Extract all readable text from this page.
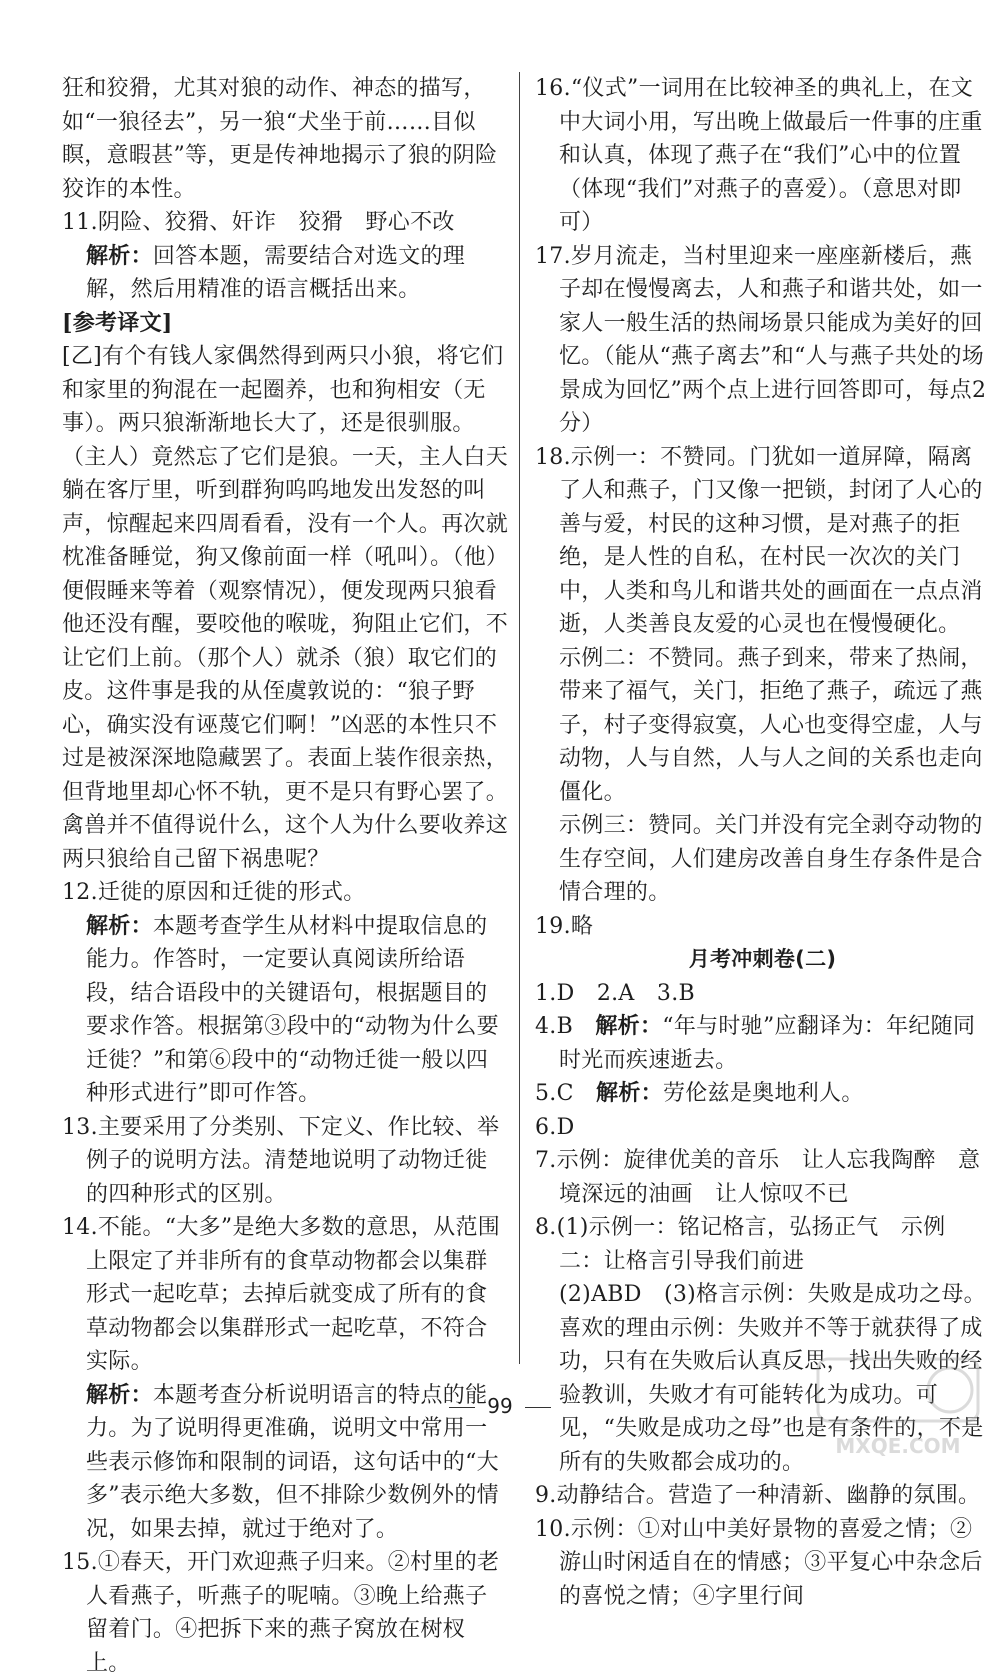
狂和狡猾，尤其对狼的动作、神态的描写，如“一狼径去”，另一狼“犬坐于前……目似瞑，意暇甚”等，更是传神地揭示了狼的阴险狡诈的本性。

11.阴险、狡猾、奸诈　狡猾　野心不改

解析：回答本题，需要结合对选文的理解，然后用精准的语言概括出来。

[参考译文]

[乙]有个有钱人家偶然得到两只小狼，将它们和家里的狗混在一起圈养，也和狗相安（无事）。两只狼渐渐地长大了，还是很驯服。（主人）竟然忘了它们是狼。一天，主人白天躺在客厅里，听到群狗呜呜地发出发怒的叫声，惊醒起来四周看看，没有一个人。再次就枕准备睡觉，狗又像前面一样（吼叫）。（他）便假睡来等着（观察情况），便发现两只狼看他还没有醒，要咬他的喉咙，狗阻止它们，不让它们上前。（那个人）就杀（狼）取它们的皮。这件事是我的从侄虞敦说的：“狼子野心，确实没有诬蔑它们啊！”凶恶的本性只不过是被深深地隐藏罢了。表面上装作很亲热，但背地里却心怀不轨，更不是只有野心罢了。禽兽并不值得说什么，这个人为什么要收养这两只狼给自己留下祸患呢？

12.迁徙的原因和迁徙的形式。

解析：本题考查学生从材料中提取信息的能力。作答时，一定要认真阅读所给语段，结合语段中的关键语句，根据题目的要求作答。根据第③段中的“动物为什么要迁徙？”和第⑥段中的“动物迁徙一般以四种形式进行”即可作答。

13.主要采用了分类别、下定义、作比较、举例子的说明方法。清楚地说明了动物迁徙的四种形式的区别。

14.不能。“大多”是绝大多数的意思，从范围上限定了并非所有的食草动物都会以集群形式一起吃草；去掉后就变成了所有的食草动物都会以集群形式一起吃草，不符合实际。

解析：本题考查分析说明语言的特点的能力。为了说明得更准确，说明文中常用一些表示修饰和限制的词语，这句话中的“大多”表示绝大多数，但不排除少数例外的情况，如果去掉，就过于绝对了。

15.①春天，开门欢迎燕子归来。②村里的老人看燕子，听燕子的呢喃。③晚上给燕子留着门。④把拆下来的燕子窝放在树杈上。

16.“仪式”一词用在比较神圣的典礼上，在文中大词小用，写出晚上做最后一件事的庄重和认真，体现了燕子在“我们”心中的位置（体现“我们”对燕子的喜爱）。（意思对即可）

17.岁月流走，当村里迎来一座座新楼后，燕子却在慢慢离去，人和燕子和谐共处，如一家人一般生活的热闹场景只能成为美好的回忆。（能从“燕子离去”和“人与燕子共处的场景成为回忆”两个点上进行回答即可，每点2分）

18.示例一：不赞同。门犹如一道屏障，隔离了人和燕子，门又像一把锁，封闭了人心的善与爱，村民的这种习惯，是对燕子的拒绝，是人性的自私，在村民一次次的关门中，人类和鸟儿和谐共处的画面在一点点消逝，人类善良友爱的心灵也在慢慢硬化。

示例二：不赞同。燕子到来，带来了热闹，带来了福气，关门，拒绝了燕子，疏远了燕子，村子变得寂寞，人心也变得空虚，人与动物，人与自然，人与人之间的关系也走向僵化。

示例三：赞同。关门并没有完全剥夺动物的生存空间，人们建房改善自身生存条件是合情合理的。

19.略

月考冲刺卷(二)

1.D　2.A　3.B

4.B　解析：“年与时驰”应翻译为：年纪随同时光而疾速逝去。

5.C　解析：劳伦兹是奥地利人。

6.D

7.示例：旋律优美的音乐　让人忘我陶醉　意境深远的油画　让人惊叹不已

8.(1)示例一：铭记格言，弘扬正气　示例二：让格言引导我们前进

(2)ABD　(3)格言示例：失败是成功之母。　喜欢的理由示例：失败并不等于就获得了成功，只有在失败后认真反思，找出失败的经验教训，失败才有可能转化为成功。可见，“失败是成功之母”也是有条件的，不是所有的失败都会成功的。

9.动静结合。营造了一种清新、幽静的氛围。

10.示例：①对山中美好景物的喜爱之情；②游山时闲适自在的情感；③平复心中杂念后的喜悦之情；④字里行间

99
MXQE.COM
